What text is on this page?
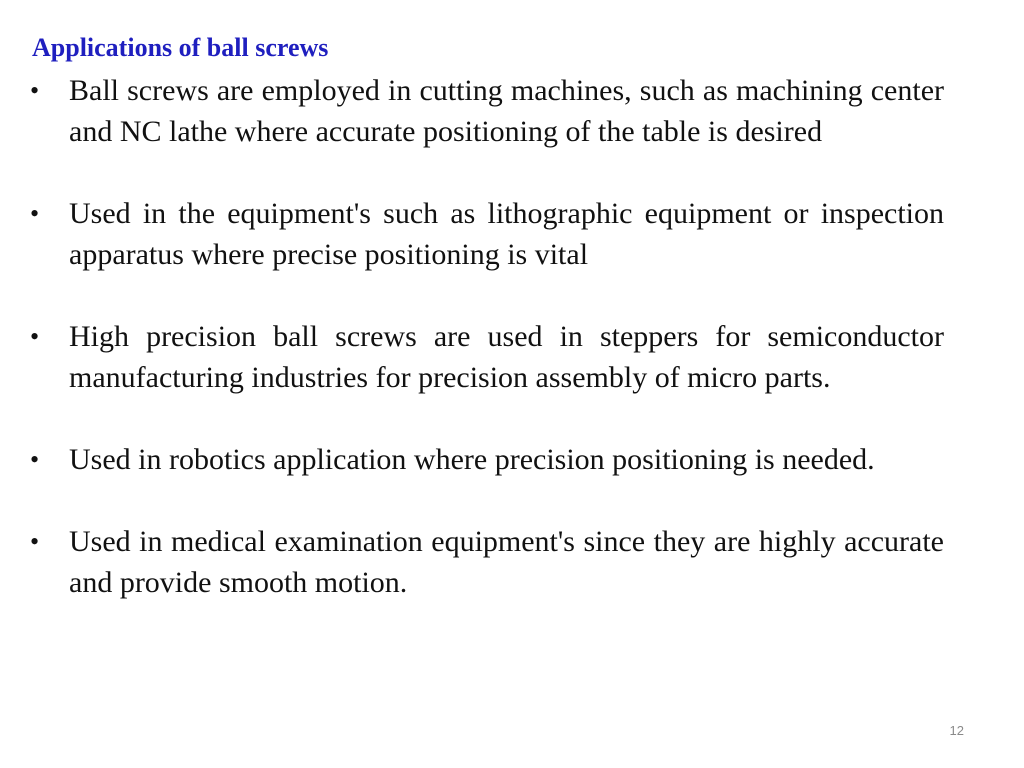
Applications of ball screws
• Ball screws are employed in cutting machines, such as machining center and NC lathe where accurate positioning of the table is desired
• Used in the equipment's such as lithographic equipment or inspection apparatus where precise positioning is vital
• High precision ball screws are used in steppers for semiconductor manufacturing industries for precision assembly of micro parts.
• Used in robotics application where precision positioning is needed.
• Used in medical examination equipment's since they are highly accurate and provide smooth motion.
12
